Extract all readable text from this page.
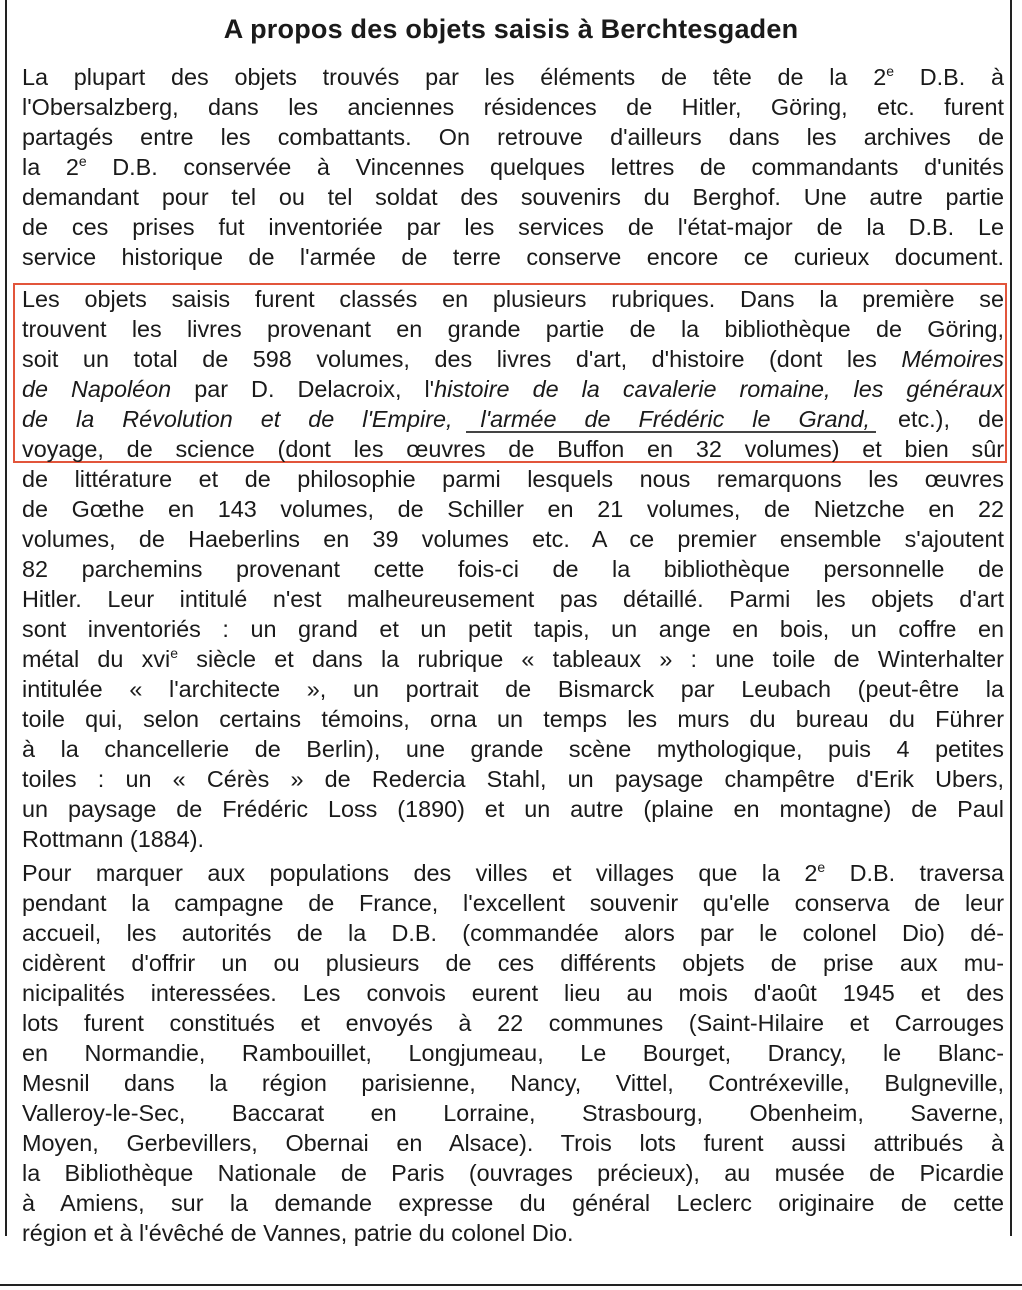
A propos des objets saisis à Berchtesgaden
La plupart des objets trouvés par les éléments de tête de la 2e D.B. à
l'Obersalzberg, dans les anciennes résidences de Hitler, Göring, etc. furent
partagés entre les combattants. On retrouve d'ailleurs dans les archives de
la 2e D.B. conservée à Vincennes quelques lettres de commandants d'unités
demandant pour tel ou tel soldat des souvenirs du Berghof. Une autre partie
de ces prises fut inventoriée par les services de l'état-major de la D.B. Le
service historique de l'armée de terre conserve encore ce curieux document.
Les objets saisis furent classés en plusieurs rubriques. Dans la première se
trouvent les livres provenant en grande partie de la bibliothèque de Göring,
soit un total de 598 volumes, des livres d'art, d'histoire (dont les Mémoires
de Napoléon par D. Delacroix, l'histoire de la cavalerie romaine, les généraux
de la Révolution et de l'Empire, l'armée de Frédéric le Grand, etc.), de
voyage, de science (dont les œuvres de Buffon en 32 volumes) et bien sûr
de littérature et de philosophie parmi lesquels nous remarquons les œuvres
de Gœthe en 143 volumes, de Schiller en 21 volumes, de Nietzche en 22
volumes, de Haeberlins en 39 volumes etc. A ce premier ensemble s'ajoutent
82 parchemins provenant cette fois-ci de la bibliothèque personnelle de
Hitler. Leur intitulé n'est malheureusement pas détaillé. Parmi les objets d'art
sont inventoriés : un grand et un petit tapis, un ange en bois, un coffre en
métal du xvi$^e$ siècle et dans la rubrique « tableaux » : une toile de Winterhalter
intitulée « l'architecte », un portrait de Bismarck par Leubach (peut-être la
toile qui, selon certains témoins, orna un temps les murs du bureau du Führer
à la chancellerie de Berlin), une grande scène mythologique, puis 4 petites
toiles : un « Cérès » de Redercia Stahl, un paysage champêtre d'Erik Ubers,
un paysage de Frédéric Loss (1890) et un autre (plaine en montagne) de Paul
Rottmann (1884).
Pour marquer aux populations des villes et villages que la 2e D.B. traversa
pendant la campagne de France, l'excellent souvenir qu'elle conserva de leur
accueil, les autorités de la D.B. (commandée alors par le colonel Dio) dé-
cidèrent d'offrir un ou plusieurs de ces différents objets de prise aux mu-
nicipalités interessées. Les convois eurent lieu au mois d'août 1945 et des
lots furent constitués et envoyés à 22 communes (Saint-Hilaire et Carrouges
en Normandie, Rambouillet, Longjumeau, Le Bourget, Drancy, le Blanc-
Mesnil dans la région parisienne, Nancy, Vittel, Contréxeville, Bulgneville,
Valleroy-le-Sec, Baccarat en Lorraine, Strasbourg, Obenheim, Saverne,
Moyen, Gerbevillers, Obernai en Alsace). Trois lots furent aussi attribués à
la Bibliothèque Nationale de Paris (ouvrages précieux), au musée de Picardie
à Amiens, sur la demande expresse du général Leclerc originaire de cette
région et à l'évêché de Vannes, patrie du colonel Dio.
